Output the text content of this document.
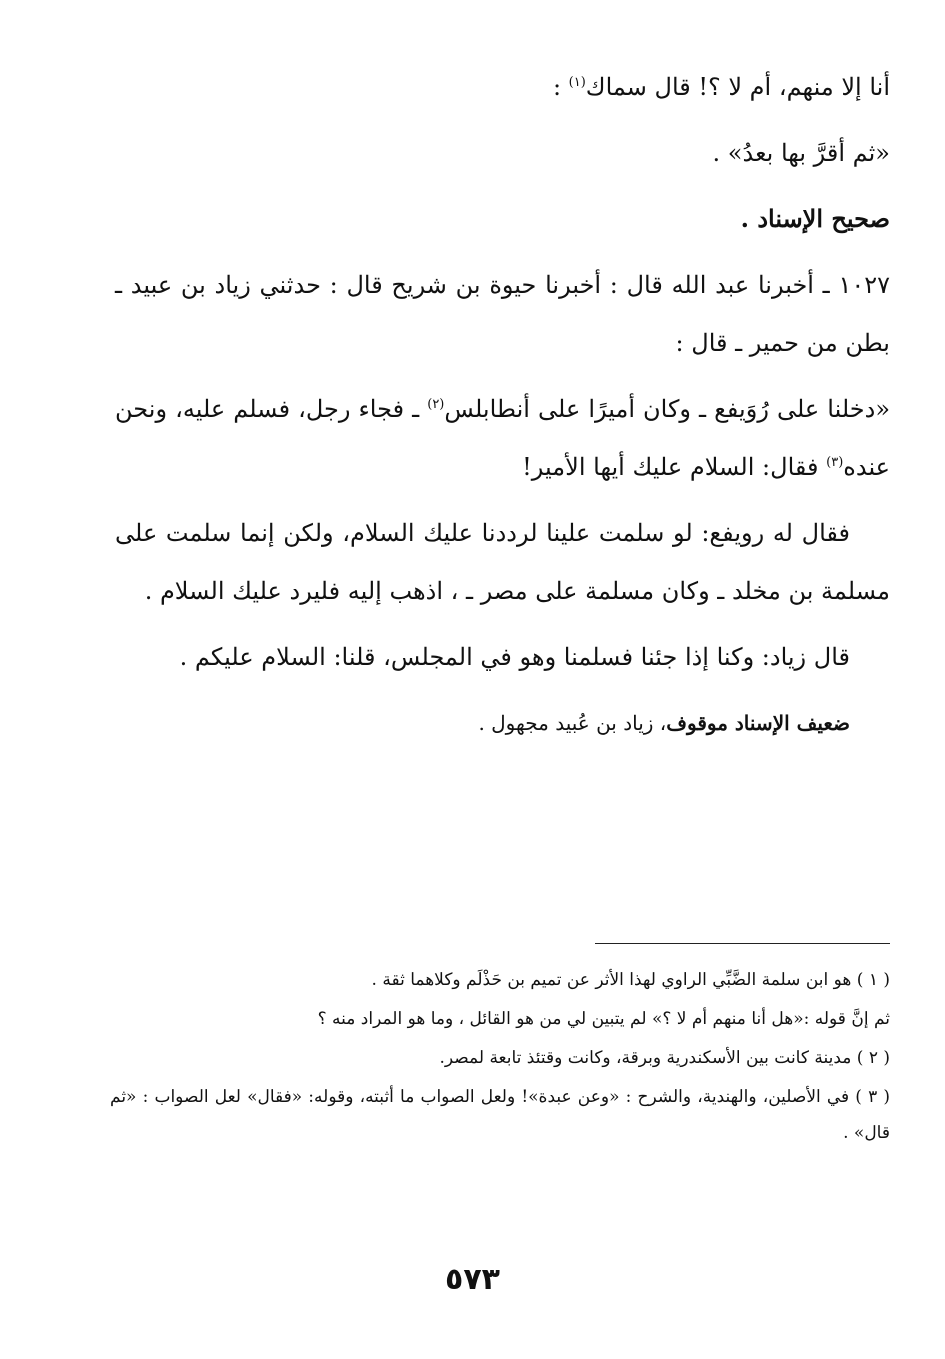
أنا إلا منهم، أم لا ؟! قال سماك$^{(١)}$ :

«ثم أقرَّ بها بعدُ» .

صحيح الإسناد .

١٠٢٧ ـ أخبرنا عبد الله قال : أخبرنا حيوة بن شريح قال : حدثني زياد بن عبيد ـ بطن من حمير ـ قال :

«دخلنا على رُوَيفع ـ وكان أميرًا على أنطابلس$^{(٢)}$ ـ فجاء رجل، فسلم عليه، ونحن عنده$^{(٣)}$ فقال: السلام عليك أيها الأمير!

فقال له رويفع: لو سلمت علينا لرددنا عليك السلام، ولكن إنما سلمت على مسلمة بن مخلد ـ وكان مسلمة على مصر ـ ، اذهب إليه فليرد عليك السلام .

قال زياد: وكنا إذا جئنا فسلمنا وهو في المجلس، قلنا: السلام عليكم .

ضعيف الإسناد موقوف، زياد بن عُبيد مجهول .

( ١ ) هو ابن سلمة الضَّبِّي الراوي لهذا الأثر عن تميم بن حَذْلَم وكلاهما ثقة .

ثم إنَّ قوله :«هل أنا منهم أم لا ؟» لم يتبين لي من هو القائل ، وما هو المراد منه ؟

( ٢ ) مدينة كانت بين الأسكندرية وبرقة، وكانت وقتئذ تابعة لمصر.

( ٣ ) في الأصلين، والهندية، والشرح : «وعن عبدة»! ولعل الصواب ما أثبته، وقوله: «فقال» لعل الصواب : «ثم قال» .

٥٧٣
